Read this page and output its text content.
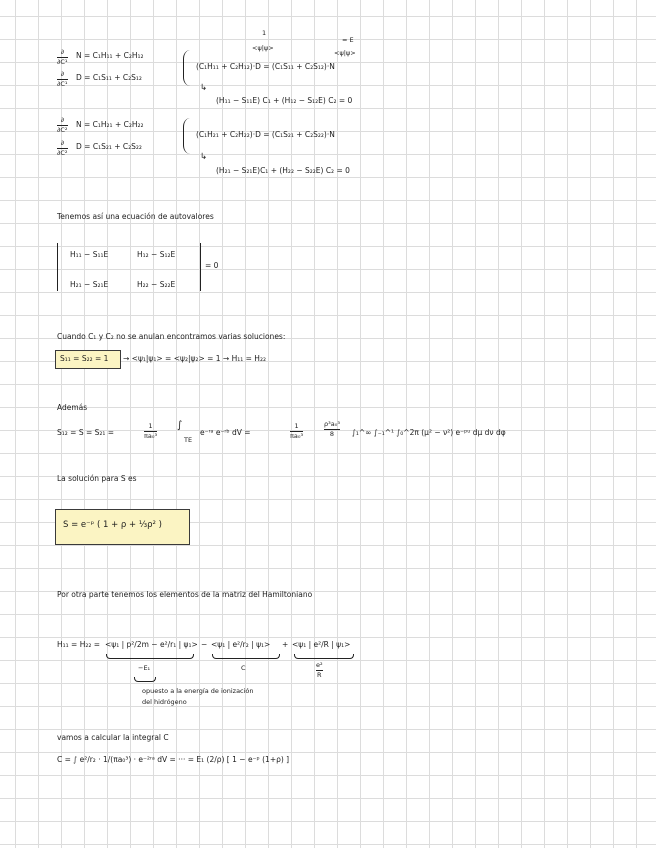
∂
∂C¹
N = C₁H₁₁ + C₂H₁₂
∂
∂C¹
D = C₁S₁₁ + C₂S₁₂
1
<ψ|ψ>
= E
<ψ|ψ>
(C₁H₁₁ + C₂H₁₂)·D = (C₁S₁₁ + C₂S₁₂)·N
↳
(H₁₁ − S₁₁E) C₁ + (H₁₂ − S₁₂E) C₂ = 0
∂
∂C²
N = C₁H₂₁ + C₂H₂₂
∂
∂C²
D = C₁S₂₁ + C₂S₂₂
(C₁H₂₁ + C₂H₂₂)·D = (C₁S₂₁ + C₂S₂₂)·N
↳
(H₂₁ − S₂₁E)C₁ + (H₂₂ − S₂₂E) C₂ = 0
Tenemos así una ecuación de autovalores
H₁₁ − S₁₁E	H₁₂ − S₁₂E
H₂₁ − S₂₁E	H₂₂ − S₂₂E
= 0
Cuando C₁ y C₂ no se anulan encontramos varias soluciones:
S₁₁ = S₂₂ = 1 → <ψ₁|ψ₁> = <ψ₂|ψ₂> = 1 → H₁₁ = H₂₂
Además
S₁₂ = S = S₂₁ =	$\frac{1}{\text{πa₀³}}$ ∫
TE
e⁻ʳᵃ e⁻ʳᵇ dV =	$\frac{1}{\text{πa₀³}}$	$\frac{\text{ρ³a₀³}}{8}$ ∫₁^∞ ∫₋₁^¹ ∫₀^2π (μ² − ν²) e⁻ᵖᵘ dμ dν dφ
La solución para S es
S = e⁻ᵖ ( 1 + ρ + ⅓ρ² )
Por otra parte tenemos los elementos de la matriz del Hamiltoniano
H₁₁ = H₂₂ = <ψ₁ | p²/2m − e²/r₁ | ψ₁> − <ψ₁ | e²/r₂ | ψ₁> + <ψ₁ | e²/R | ψ₁>
−E₁	C	$\frac{\text{e²}}{R}$
opuesto a la energía de ionización
del hidrógeno
vamos a calcular la integral C
C = ∫ e²/r₂ · 1/(πa₀³) · e⁻²ʳᵃ dV = ··· = E₁ (2/ρ) [ 1 − e⁻ᵖ (1+ρ) ]
